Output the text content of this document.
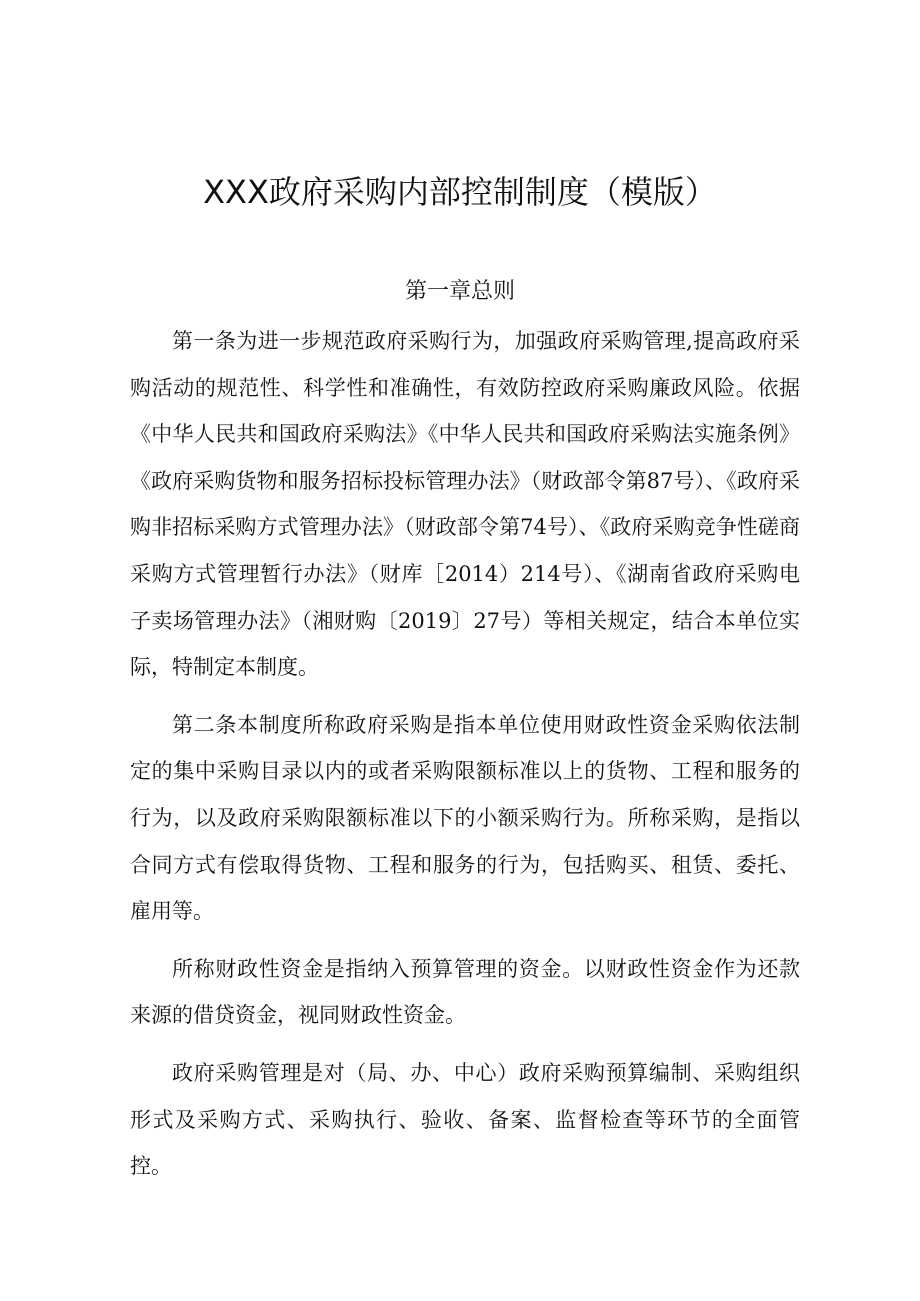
XXX政府采购内部控制制度（模版）
第一章总则

第一条为进一步规范政府采购行为，加强政府采购管理,提高政府采购活动的规范性、科学性和准确性，有效防控政府采购廉政风险。依据《中华人民共和国政府采购法》《中华人民共和国政府采购法实施条例》《政府采购货物和服务招标投标管理办法》（财政部令第87号）、《政府采购非招标采购方式管理办法》（财政部令第74号）、《政府采购竞争性磋商采购方式管理暂行办法》（财库［2014）214号）、《湖南省政府采购电子卖场管理办法》（湘财购〔2019〕27号）等相关规定，结合本单位实际，特制定本制度。

第二条本制度所称政府采购是指本单位使用财政性资金采购依法制定的集中采购目录以内的或者采购限额标准以上的货物、工程和服务的行为，以及政府采购限额标准以下的小额采购行为。所称采购，是指以合同方式有偿取得货物、工程和服务的行为，包括购买、租赁、委托、雇用等。

所称财政性资金是指纳入预算管理的资金。以财政性资金作为还款来源的借贷资金，视同财政性资金。

政府采购管理是对（局、办、中心）政府采购预算编制、采购组织形式及采购方式、采购执行、验收、备案、监督检查等环节的全面管控。
